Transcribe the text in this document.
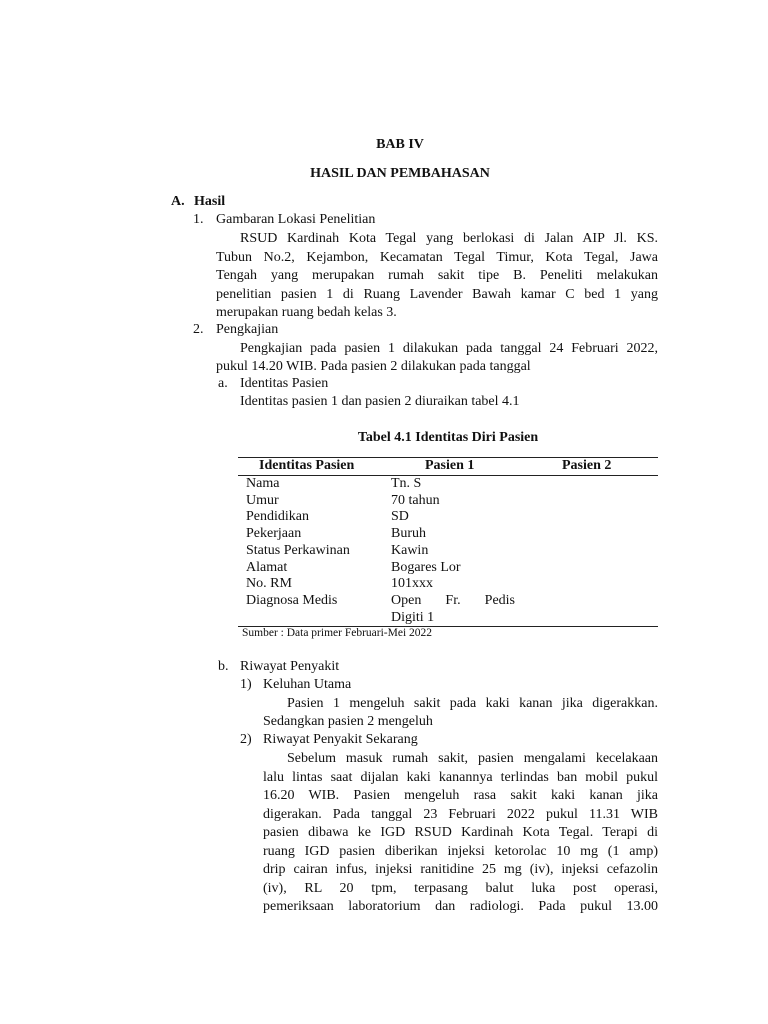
BAB IV
HASIL DAN PEMBAHASAN
A. Hasil
1. Gambaran Lokasi Penelitian
RSUD Kardinah Kota Tegal yang berlokasi di Jalan AIP Jl. KS.
Tubun No.2, Kejambon, Kecamatan Tegal Timur, Kota Tegal, Jawa
Tengah yang merupakan rumah sakit tipe B. Peneliti melakukan
penelitian pasien 1 di Ruang Lavender Bawah kamar C bed 1 yang
merupakan ruang bedah kelas 3.
2. Pengkajian
Pengkajian pada pasien 1 dilakukan pada tanggal 24 Februari 2022,
pukul 14.20 WIB. Pada pasien 2 dilakukan pada tanggal
a. Identitas Pasien
Identitas pasien 1 dan pasien 2 diuraikan tabel 4.1
Tabel 4.1 Identitas Diri Pasien
Identitas Pasien	Pasien 1	Pasien 2
Nama	Tn. S
Umur	70 tahun
Pendidikan	SD
Pekerjaan	Buruh
Status Perkawinan	Kawin
Alamat	Bogares Lor
No. RM	101xxx
Diagnosa Medis	Open Fr. Pedis
Digiti 1
Sumber : Data primer Februari-Mei 2022
b. Riwayat Penyakit
1) Keluhan Utama
Pasien 1 mengeluh sakit pada kaki kanan jika digerakkan.
Sedangkan pasien 2 mengeluh
2) Riwayat Penyakit Sekarang
Sebelum masuk rumah sakit, pasien mengalami kecelakaan
lalu lintas saat dijalan kaki kanannya terlindas ban mobil pukul
16.20 WIB. Pasien mengeluh rasa sakit kaki kanan jika
digerakan. Pada tanggal 23 Februari 2022 pukul 11.31 WIB
pasien dibawa ke IGD RSUD Kardinah Kota Tegal. Terapi di
ruang IGD pasien diberikan injeksi ketorolac 10 mg (1 amp)
drip cairan infus, injeksi ranitidine 25 mg (iv), injeksi cefazolin
(iv), RL 20 tpm, terpasang balut luka post operasi,
pemeriksaan laboratorium dan radiologi. Pada pukul 13.00
